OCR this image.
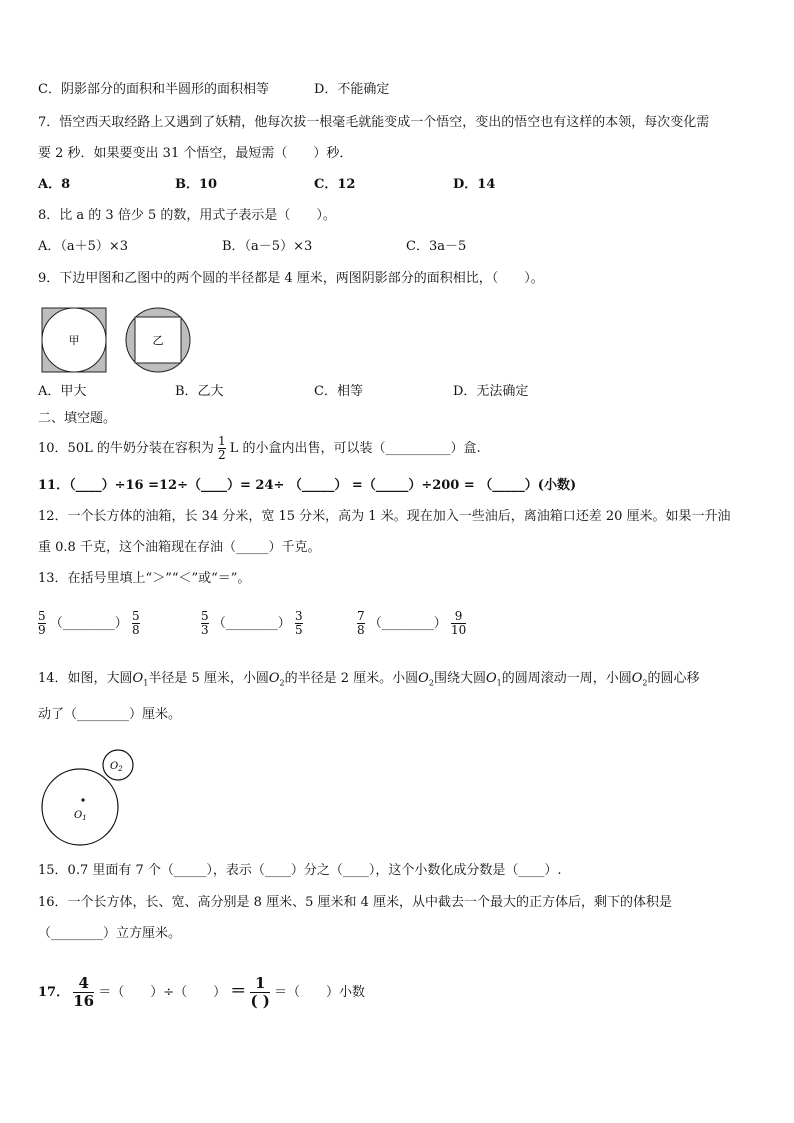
C．阴影部分的面积和半圆形的面积相等	D．不能确定
7．悟空西天取经路上又遇到了妖精，他每次拔一根毫毛就能变成一个悟空，变出的悟空也有这样的本领，每次变化需
要 2 秒．如果要变出 31 个悟空，最短需（　　）秒．
A．8	B．10	C．12	D．14
8．比 a 的 3 倍少 5 的数，用式子表示是（　　）。
A．（a＋5）×3	B．（a－5）×3	C．3a－5
9．下边甲图和乙图中的两个圆的半径都是 4 厘米，两图阴影部分的面积相比，（　　）。
甲	乙
A．甲大	B．乙大	C．相等	D．无法确定
二、填空题。
10．50L 的牛奶分装在容积为 $\frac{1}{2}$ L 的小盒内出售，可以装（__________）盒.
11．（____）÷16 =12÷（____）= 24÷ （_____） =（_____）÷200 = （_____）(小数)
12．一个长方体的油箱，长 34 分米，宽 15 分米，高为 1 米。现在加入一些油后，离油箱口还差 20 厘米。如果一升油
重 0.8 千克，这个油箱现在存油（_____）千克。
13．在括号里填上“＞”“＜”或“＝”。
$\frac{5}{9}$ （________） $\frac{5}{8}$	$\frac{5}{3}$ （________） $\frac{3}{5}$	$\frac{7}{8}$ （________） $\frac{9}{10}$
14．如图，大圆$O_1$半径是 5 厘米，小圆$O_2$的半径是 2 厘米。小圆$O_2$围绕大圆$O_1$的圆周滚动一周，小圆$O_2$的圆心移
动了（________）厘米。
$O_1$
$O_2$
15．0.7 里面有 7 个（_____），表示（____）分之（____），这个小数化成分数是（____）.
16．一个长方体，长、宽、高分别是 8 厘米、5 厘米和 4 厘米，从中截去一个最大的正方体后，剩下的体积是
（________）立方厘米。
17． $\frac{4}{16}$ ＝（　　）÷（　　） ＝ $\frac{1}{( )}$ ＝（　　）小数
